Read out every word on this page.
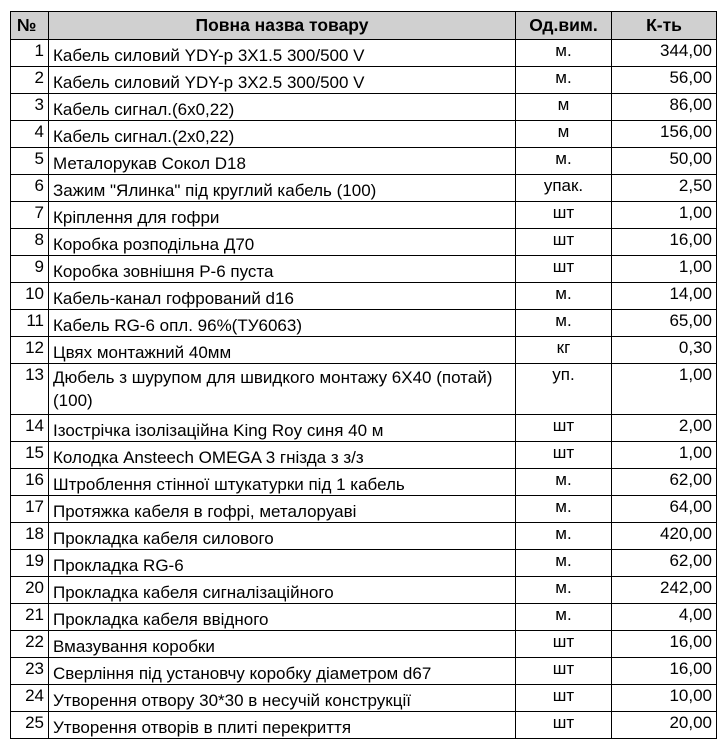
№	Повна назва товару	Од.вим.	К-ть
1	Кабель силовий YDY-p 3X1.5 300/500 V	м.	344,00
2	Кабель силовий YDY-p 3X2.5 300/500 V	м.	56,00
3	Кабель сигнал.(6х0,22)	м	86,00
4	Кабель сигнал.(2х0,22)	м	156,00
5	Металорукав Сокол D18	м.	50,00
6	Зажим "Ялинка" під круглий кабель (100)	упак.	2,50
7	Кріплення для гофри	шт	1,00
8	Коробка розподільна Д70	шт	16,00
9	Коробка зовнішня Р-6 пуста	шт	1,00
10	Кабель-канал гофрований d16	м.	14,00
11	Кабель RG-6 опл. 96%(ТУ6063)	м.	65,00
12	Цвях монтажний 40мм	кг	0,30
13	Дюбель з шурупом для швидкого монтажу 6X40 (потай) (100)	уп.	1,00
14	Ізострічка ізолізаційна King Roy синя 40 м	шт	2,00
15	Колодка Ansteech OMEGA 3 гнізда з з/з	шт	1,00
16	Штроблення стінної штукатурки під 1 кабель	м.	62,00
17	Протяжка кабеля в гофрі, металоруаві	м.	64,00
18	Прокладка кабеля силового	м.	420,00
19	Прокладка RG-6	м.	62,00
20	Прокладка кабеля сигналізаційного	м.	242,00
21	Прокладка кабеля ввідного	м.	4,00
22	Вмазування коробки	шт	16,00
23	Сверління під установчу коробку діаметром d67	шт	16,00
24	Утворення отвору 30*30 в несучій конструкції	шт	10,00
25	Утворення отворів в плиті перекриття	шт	20,00
